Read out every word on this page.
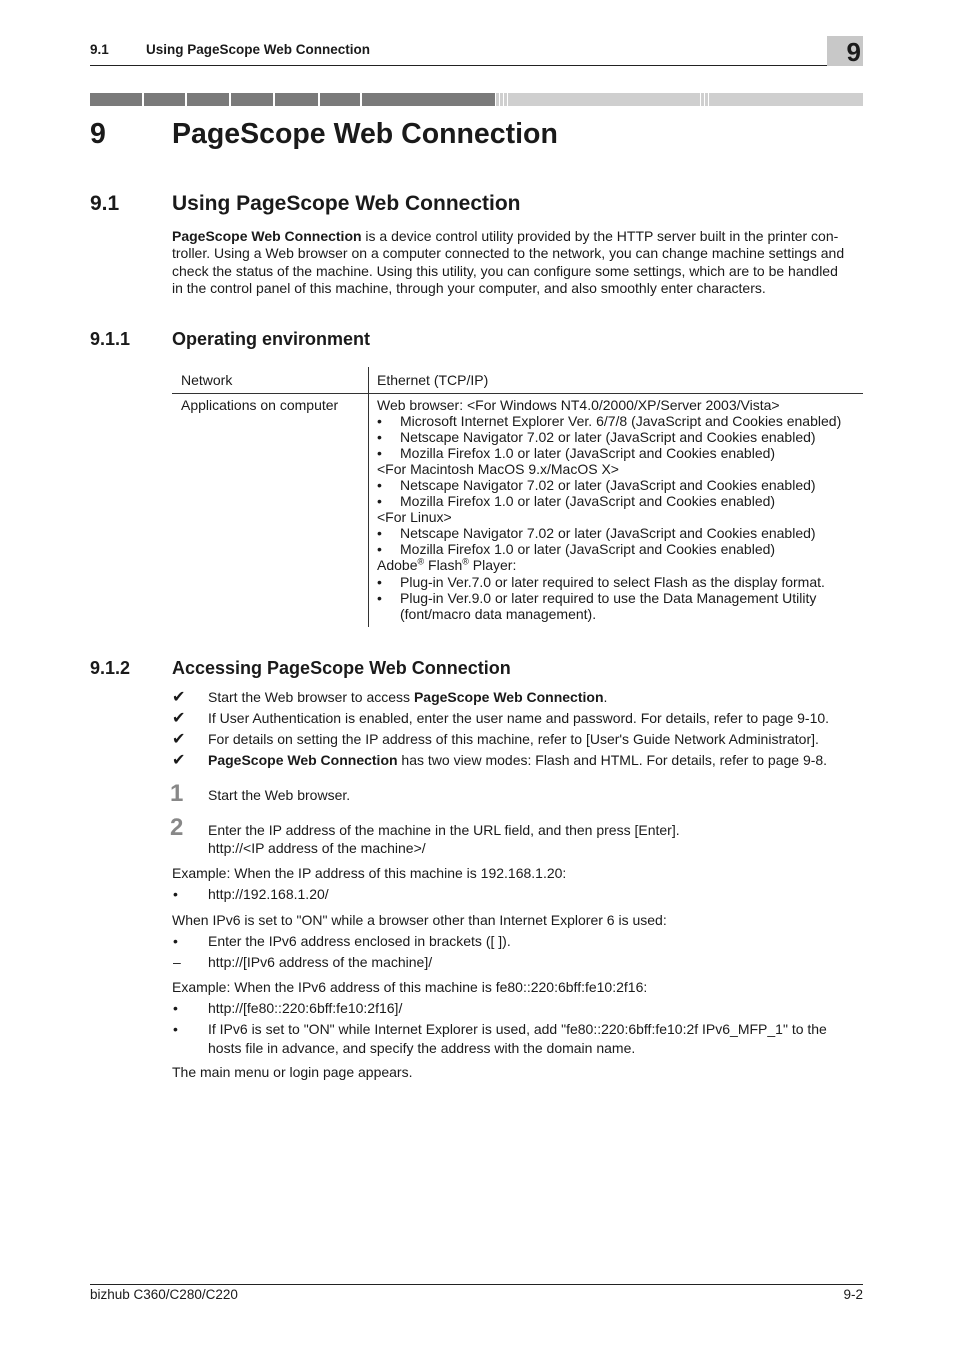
9.1	Using PageScope Web Connection	9
9 PageScope Web Connection
9.1	Using PageScope Web Connection
PageScope Web Connection is a device control utility provided by the HTTP server built in the printer con-
troller. Using a Web browser on a computer connected to the network, you can change machine settings and
check the status of the machine. Using this utility, you can configure some settings, which are to be handled
in the control panel of this machine, through your computer, and also smoothly enter characters.
9.1.1 Operating environment
Network	Ethernet (TCP/IP)
Applications on computer	Web browser: <For Windows NT4.0/2000/XP/Server 2003/Vista>
• Microsoft Internet Explorer Ver. 6/7/8 (JavaScript and Cookies enabled)
• Netscape Navigator 7.02 or later (JavaScript and Cookies enabled)
• Mozilla Firefox 1.0 or later (JavaScript and Cookies enabled)
<For Macintosh MacOS 9.x/MacOS X>
• Netscape Navigator 7.02 or later (JavaScript and Cookies enabled)
• Mozilla Firefox 1.0 or later (JavaScript and Cookies enabled)
<For Linux>
• Netscape Navigator 7.02 or later (JavaScript and Cookies enabled)
• Mozilla Firefox 1.0 or later (JavaScript and Cookies enabled)
Adobe® Flash® Player:
• Plug-in Ver.7.0 or later required to select Flash as the display format.
• Plug-in Ver.9.0 or later required to use the Data Management Utility
(font/macro data management).
9.1.2 Accessing PageScope Web Connection
✔ Start the Web browser to access PageScope Web Connection.
✔ If User Authentication is enabled, enter the user name and password. For details, refer to page 9-10.
✔ For details on setting the IP address of this machine, refer to [User's Guide Network Administrator].
✔ PageScope Web Connection has two view modes: Flash and HTML. For details, refer to page 9-8.
1 Start the Web browser.
2 Enter the IP address of the machine in the URL field, and then press [Enter].
http://<IP address of the machine>/
Example: When the IP address of this machine is 192.168.1.20:
• http://192.168.1.20/
When IPv6 is set to "ON" while a browser other than Internet Explorer 6 is used:
• Enter the IPv6 address enclosed in brackets ([ ]).
– http://[IPv6 address of the machine]/
Example: When the IPv6 address of this machine is fe80::220:6bff:fe10:2f16:
• http://[fe80::220:6bff:fe10:2f16]/
• If IPv6 is set to "ON" while Internet Explorer is used, add "fe80::220:6bff:fe10:2f IPv6_MFP_1" to the
hosts file in advance, and specify the address with the domain name.
The main menu or login page appears.
bizhub C360/C280/C220	9-2
